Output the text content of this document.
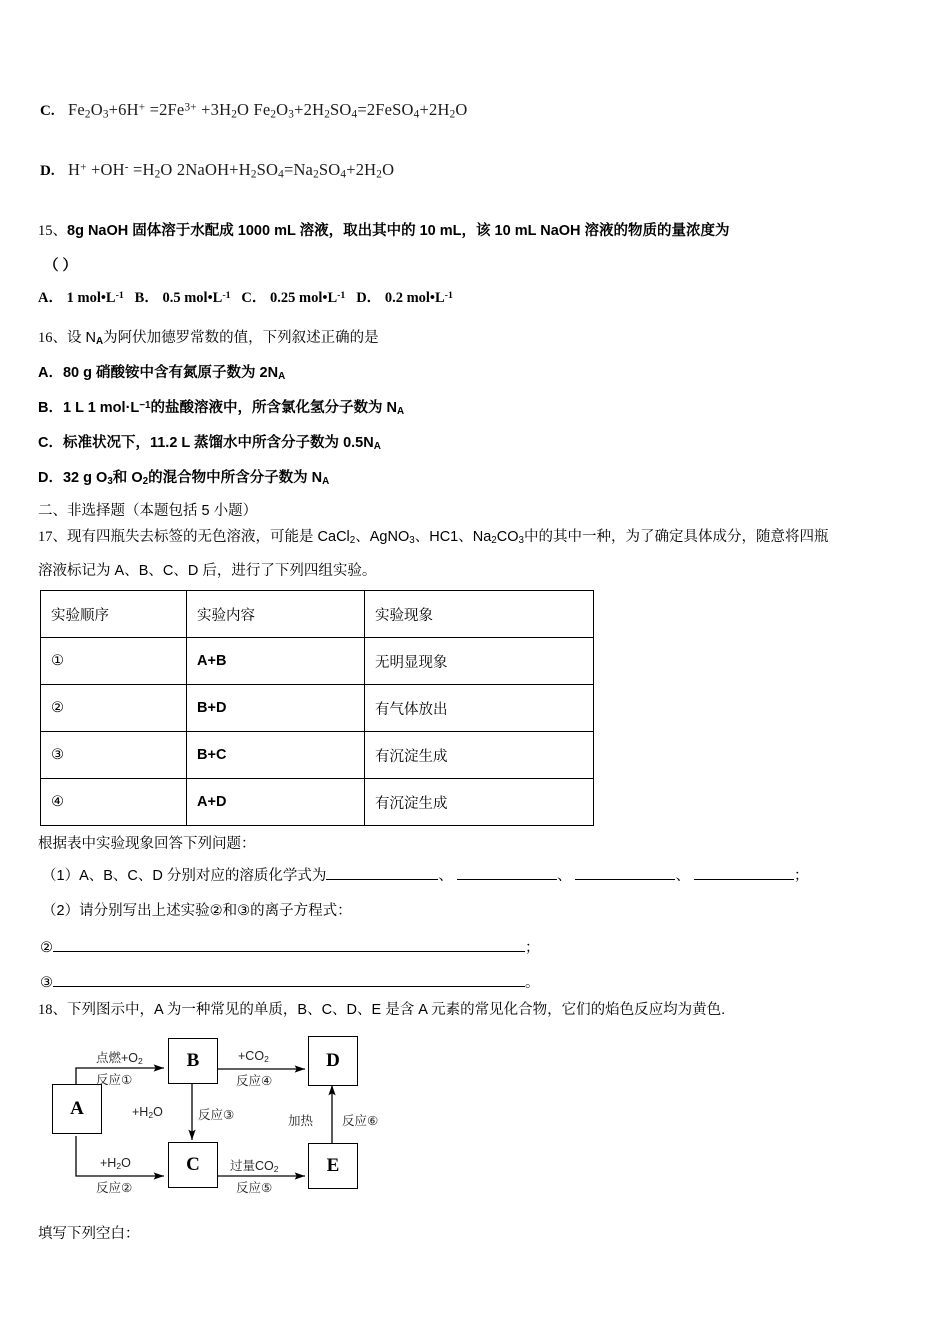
C. $Fe_2O_3+6H^+ =2Fe^{3+} +3H_2O$ $Fe_2O_3+2H_2SO_4=2FeSO_4+2H_2O$
D. $H^+ +OH^- =H_2O$ $2NaOH+H_2SO_4=Na_2SO_4+2H_2O$
15、8g NaOH 固体溶于水配成 1000 mL 溶液，取出其中的 10 mL，该 10 mL NaOH 溶液的物质的量浓度为
（ ）
A． 1 $mol•L^{-1}$ B． 0.5 $mol•L^{-1}$ C． 0.25 $mol•L^{-1}$ D． 0.2 $mol•L^{-1}$
16、设 $N_A$为阿伏加德罗常数的值，下列叙述正确的是
A．80 g 硝酸铵中含有氮原子数为 $2N_A$
B．1 L 1 $mol\cdot L^{-1}$的盐酸溶液中，所含氯化氢分子数为 $N_A$
C．标准状况下，11.2 L 蒸馏水中所含分子数为 $0.5N_A$
D．32 g $O_3$和 $O_2$的混合物中所含分子数为 $N_A$
二、非选择题（本题包括 5 小题）
17、现有四瓶失去标签的无色溶液，可能是 CaCl$_2$、AgNO$_3$、HC1、$Na_2CO_3$中的其中一种，为了确定具体成分，随意将四瓶
溶液标记为 A、B、C、D 后，进行了下列四组实验。
实验顺序	实验内容	实验现象
①	A+B	无明显现象
②	B+D	有气体放出
③	B+C	有沉淀生成
④	A+D	有沉淀生成
根据表中实验现象回答下列问题：
（1）A、B、C、D 分别对应的溶质化学式为	、	、	、	；
（2）请分别写出上述实验②和③的离子方程式：
②	；
③	。
18、下列图示中，A 为一种常见的单质，B、C、D、E 是含 A 元素的常见化合物，它们的焰色反应均为黄色.
A
B
C
D
E
点燃$+O_2$
反应①
$+H_2O$
反应②
$+H_2O$	反应③
$+CO_2$
反应④
过量$CO_2$
反应⑤
加热 反应⑥
填写下列空白：
